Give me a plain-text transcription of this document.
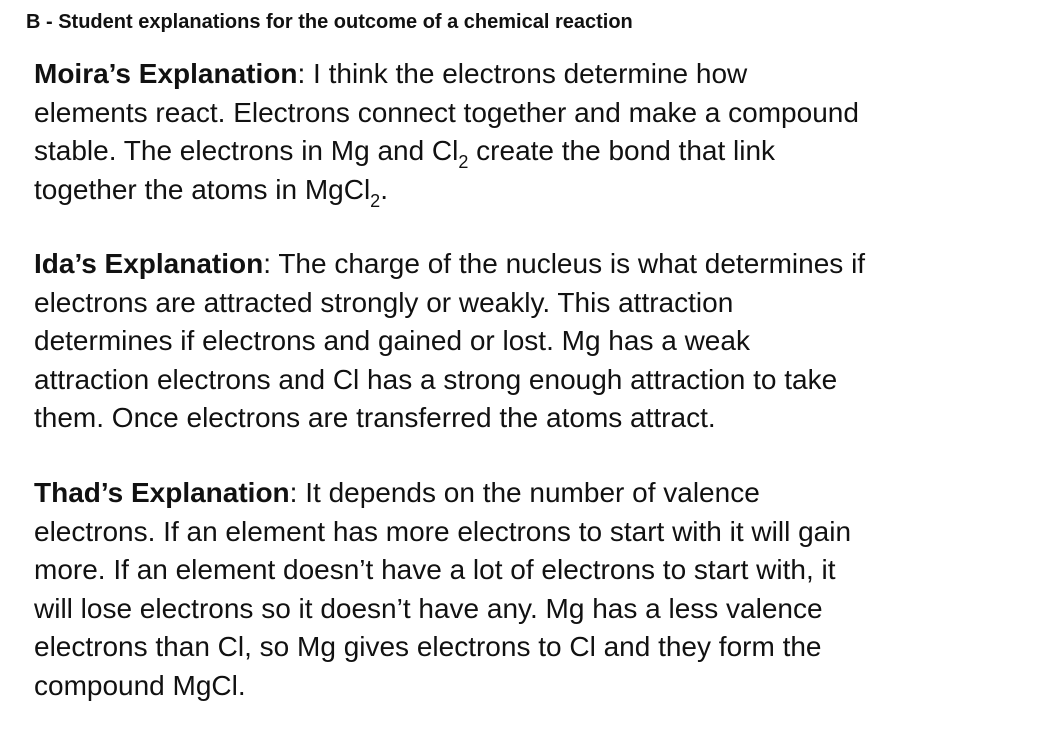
B - Student explanations for the outcome of a chemical reaction
Moira’s Explanation: I think the electrons determine how
elements react. Electrons connect together and make a compound
stable. The electrons in Mg and $Cl_2$ create the bond that link
together the atoms in MgCl$_2$.
Ida’s Explanation: The charge of the nucleus is what determines if
electrons are attracted strongly or weakly. This attraction
determines if electrons and gained or lost. Mg has a weak
attraction electrons and Cl has a strong enough attraction to take
them. Once electrons are transferred the atoms attract.
Thad’s Explanation: It depends on the number of valence
electrons. If an element has more electrons to start with it will gain
more. If an element doesn’t have a lot of electrons to start with, it
will lose electrons so it doesn’t have any. Mg has a less valence
electrons than Cl, so Mg gives electrons to Cl and they form the
compound MgCl.
